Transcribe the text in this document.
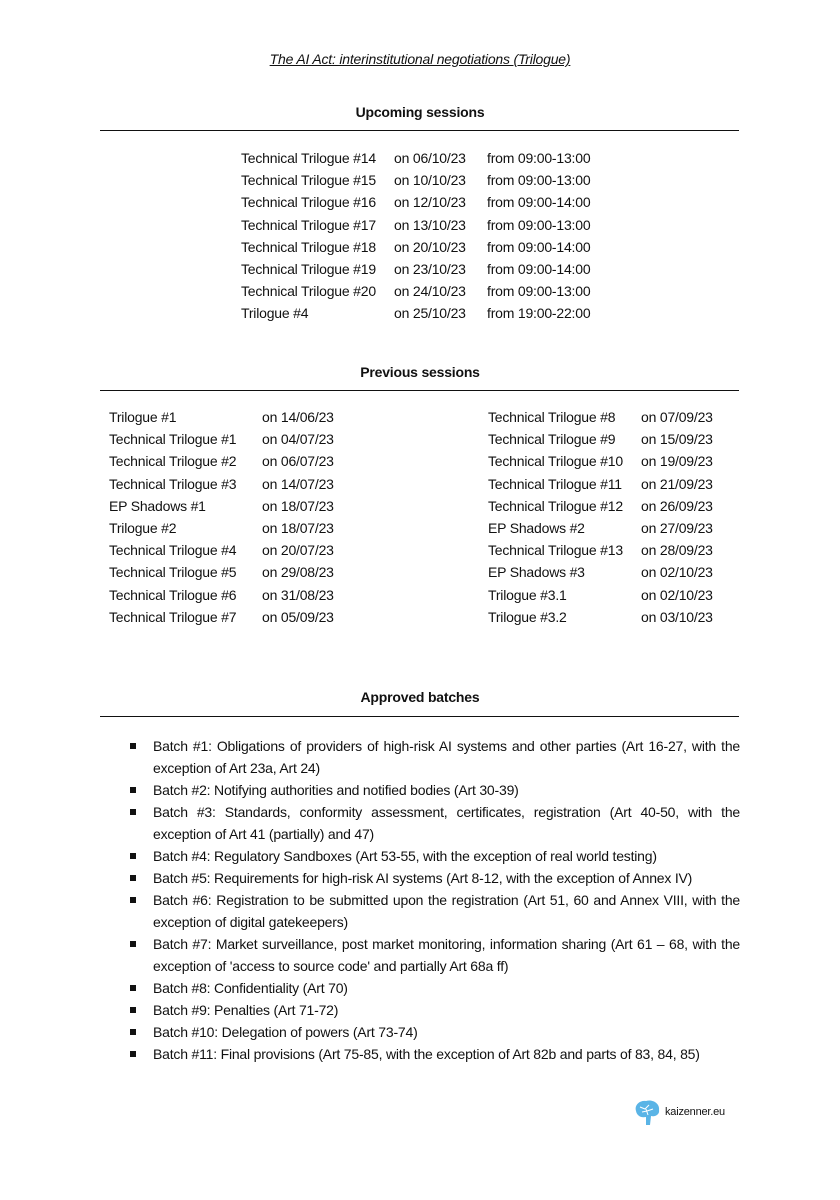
The AI Act: interinstitutional negotiations (Trilogue)
Upcoming sessions
Technical Trilogue #14 on 06/10/23 from 09:00-13:00
Technical Trilogue #15 on 10/10/23 from 09:00-13:00
Technical Trilogue #16 on 12/10/23 from 09:00-14:00
Technical Trilogue #17 on 13/10/23 from 09:00-13:00
Technical Trilogue #18 on 20/10/23 from 09:00-14:00
Technical Trilogue #19 on 23/10/23 from 09:00-14:00
Technical Trilogue #20 on 24/10/23 from 09:00-13:00
Trilogue #4	on 25/10/23 from 19:00-22:00
Previous sessions
Trilogue #1	on 14/06/23
Technical Trilogue #1 on 04/07/23
Technical Trilogue #2 on 06/07/23
Technical Trilogue #3 on 14/07/23
EP Shadows #1	on 18/07/23
Trilogue #2	on 18/07/23
Technical Trilogue #4 on 20/07/23
Technical Trilogue #5 on 29/08/23
Technical Trilogue #6 on 31/08/23
Technical Trilogue #7 on 05/09/23
Technical Trilogue #8 on 07/09/23
Technical Trilogue #9 on 15/09/23
Technical Trilogue #10 on 19/09/23
Technical Trilogue #11 on 21/09/23
Technical Trilogue #12 on 26/09/23
EP Shadows #2	on 27/09/23
Technical Trilogue #13 on 28/09/23
EP Shadows #3	on 02/10/23
Trilogue #3.1	on 02/10/23
Trilogue #3.2	on 03/10/23
Approved batches
Batch #1: Obligations of providers of high-risk AI systems and other parties (Art 16-27, with the exception of Art 23a, Art 24)
Batch #2: Notifying authorities and notified bodies (Art 30-39)
Batch #3: Standards, conformity assessment, certificates, registration (Art 40-50, with the exception of Art 41 (partially) and 47)
Batch #4: Regulatory Sandboxes (Art 53-55, with the exception of real world testing)
Batch #5: Requirements for high-risk AI systems (Art 8-12, with the exception of Annex IV)
Batch #6: Registration to be submitted upon the registration (Art 51, 60 and Annex VIII, with the exception of digital gatekeepers)
Batch #7: Market surveillance, post market monitoring, information sharing (Art 61 – 68, with the exception of 'access to source code' and partially Art 68a ff)
Batch #8: Confidentiality (Art 70)
Batch #9: Penalties (Art 71-72)
Batch #10: Delegation of powers (Art 73-74)
Batch #11: Final provisions (Art 75-85, with the exception of Art 82b and parts of 83, 84, 85)
kaizenner.eu
